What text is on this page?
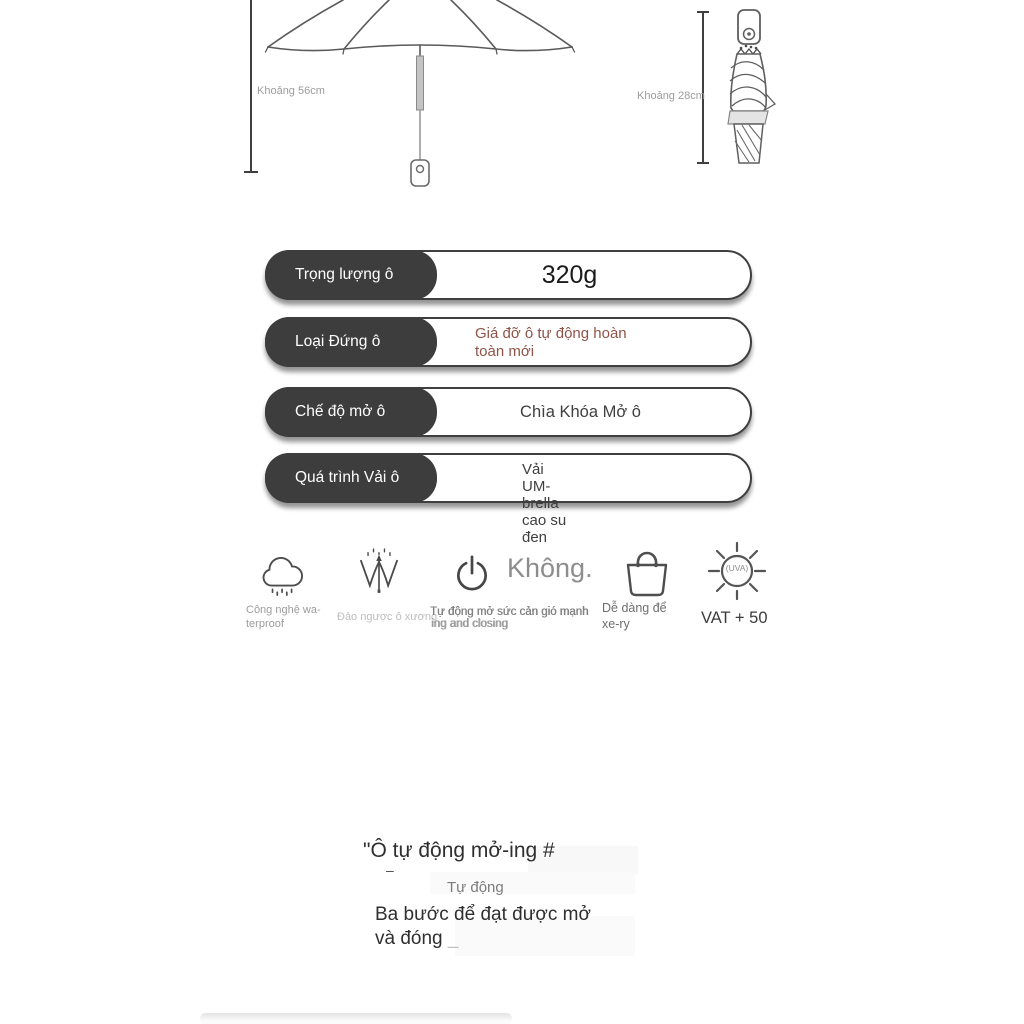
Khoảng 56cm	Khoảng 28cm
Trọng lượng ô	320g
Loại Đứng ô	Giá đỡ ô tự động hoàn toàn mới
Chế độ mở ô	Chìa Khóa Mở ô
Quá trình Vải ô	Vải UM-brella cao su đen
Công nghệ wa-terproof
Đảo ngược ô xương
Tự động mở sức cản gió mạnh
ing and closing
Không.
Dễ dàng để xe-ry
(UVA)
VAT + 50
"Ô tự động mở-ing #
–
Tự động
Ba bước để đạt được mở
và đóng _
